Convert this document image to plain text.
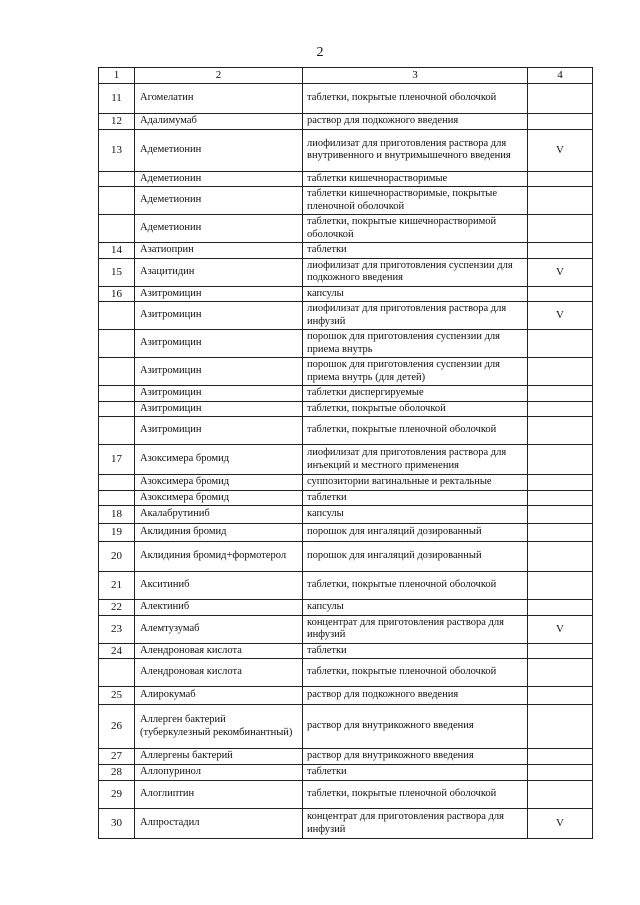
2
1	2	3	4
11	Агомелатин	таблетки, покрытые пленочной оболочкой	
12	Адалимумаб	раствор для подкожного введения	
13	Адеметионин	лиофилизат для приготовления раствора для внутривенного и внутримышечного введения	V
	Адеметионин	таблетки кишечнорастворимые	
	Адеметионин	таблетки кишечнорастворимые, покрытые пленочной оболочкой	
	Адеметионин	таблетки, покрытые кишечнорастворимой оболочкой	
14	Азатиоприн	таблетки	
15	Азацитидин	лиофилизат для приготовления суспензии для подкожного введения	V
16	Азитромицин	капсулы	
	Азитромицин	лиофилизат для приготовления раствора для инфузий	V
	Азитромицин	порошок для приготовления суспензии для приема внутрь	
	Азитромицин	порошок для приготовления суспензии для приема внутрь (для детей)	
	Азитромицин	таблетки диспергируемые	
	Азитромицин	таблетки, покрытые оболочкой	
	Азитромицин	таблетки, покрытые пленочной оболочкой	
17	Азоксимера бромид	лиофилизат для приготовления раствора для инъекций и местного применения	
	Азоксимера бромид	суппозитории вагинальные и ректальные	
	Азоксимера бромид	таблетки	
18	Акалабрутиниб	капсулы	
19	Аклидиния бромид	порошок для ингаляций дозированный	
20	Аклидиния бромид+формотерол	порошок для ингаляций дозированный	
21	Акситиниб	таблетки, покрытые пленочной оболочкой	
22	Алектиниб	капсулы	
23	Алемтузумаб	концентрат для приготовления раствора для инфузий	V
24	Алендроновая кислота	таблетки	
	Алендроновая кислота	таблетки, покрытые пленочной оболочкой	
25	Алирокумаб	раствор для подкожного введения	
26	Аллерген бактерий (туберкулезный рекомбинантный)	раствор для внутрикожного введения	
27	Аллергены бактерий	раствор для внутрикожного введения	
28	Аллопуринол	таблетки	
29	Алоглиптин	таблетки, покрытые пленочной оболочкой	
30	Алпростадил	концентрат для приготовления раствора для инфузий	V
